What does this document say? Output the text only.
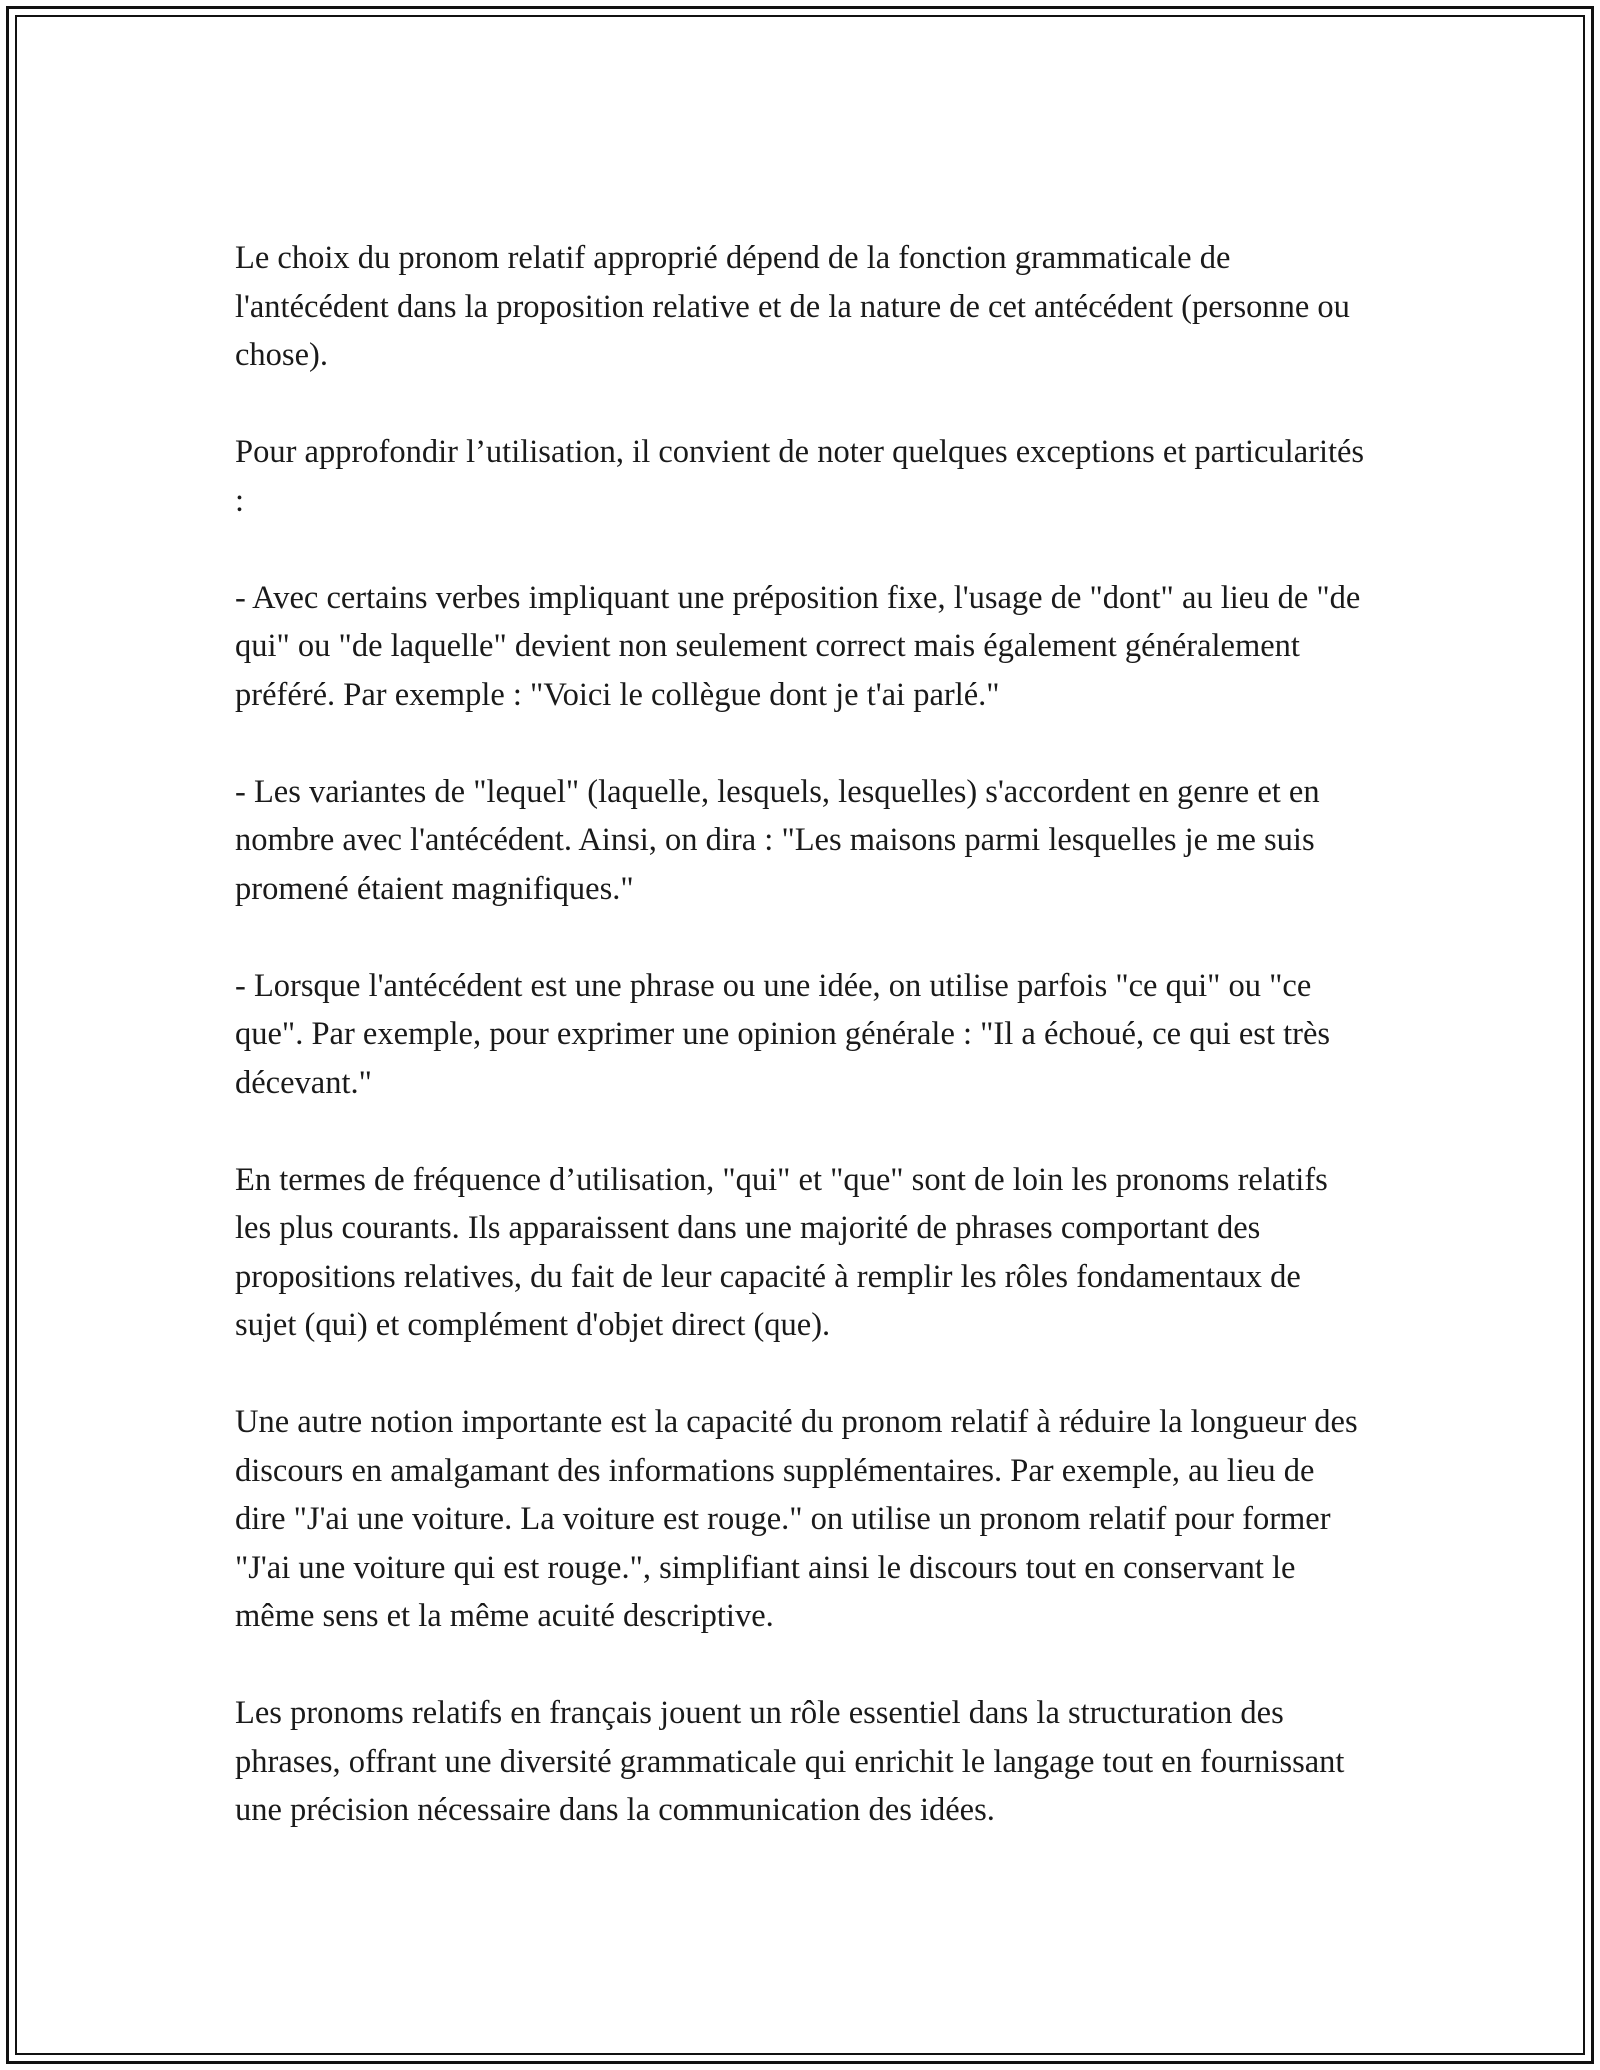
Le choix du pronom relatif approprié dépend de la fonction grammaticale de l'antécédent dans la proposition relative et de la nature de cet antécédent (personne ou chose).

Pour approfondir l’utilisation, il convient de noter quelques exceptions et particularités :

- Avec certains verbes impliquant une préposition fixe, l'usage de "dont" au lieu de "de qui" ou "de laquelle" devient non seulement correct mais également généralement préféré. Par exemple : "Voici le collègue dont je t'ai parlé."

- Les variantes de "lequel" (laquelle, lesquels, lesquelles) s'accordent en genre et en nombre avec l'antécédent. Ainsi, on dira : "Les maisons parmi lesquelles je me suis promené étaient magnifiques."

- Lorsque l'antécédent est une phrase ou une idée, on utilise parfois "ce qui" ou "ce que". Par exemple, pour exprimer une opinion générale : "Il a échoué, ce qui est très décevant."

En termes de fréquence d’utilisation, "qui" et "que" sont de loin les pronoms relatifs les plus courants. Ils apparaissent dans une majorité de phrases comportant des propositions relatives, du fait de leur capacité à remplir les rôles fondamentaux de sujet (qui) et complément d'objet direct (que).

Une autre notion importante est la capacité du pronom relatif à réduire la longueur des discours en amalgamant des informations supplémentaires. Par exemple, au lieu de dire "J'ai une voiture. La voiture est rouge." on utilise un pronom relatif pour former "J'ai une voiture qui est rouge.", simplifiant ainsi le discours tout en conservant le même sens et la même acuité descriptive.

Les pronoms relatifs en français jouent un rôle essentiel dans la structuration des phrases, offrant une diversité grammaticale qui enrichit le langage tout en fournissant une précision nécessaire dans la communication des idées.
